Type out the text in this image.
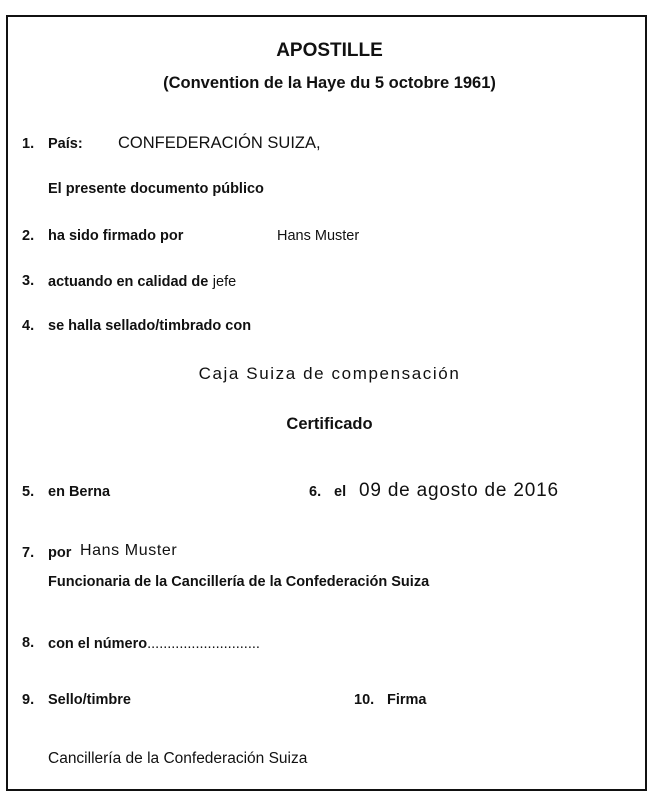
APOSTILLE
(Convention de la Haye du 5 octobre 1961)
1. País: CONFEDERACIÓN SUIZA,
El presente documento público
2. ha sido firmado por	Hans Muster
3. actuando en calidad de jefe
4. se halla sellado/timbrado con
Caja Suiza de compensación
Certificado
5. en Berna	6. el 09 de agosto de 2016
7. por Hans Muster
Funcionaria de la Cancillería de la Confederación Suiza
8. con el número............................
9. Sello/timbre	10. Firma
Cancillería de la Confederación Suiza
